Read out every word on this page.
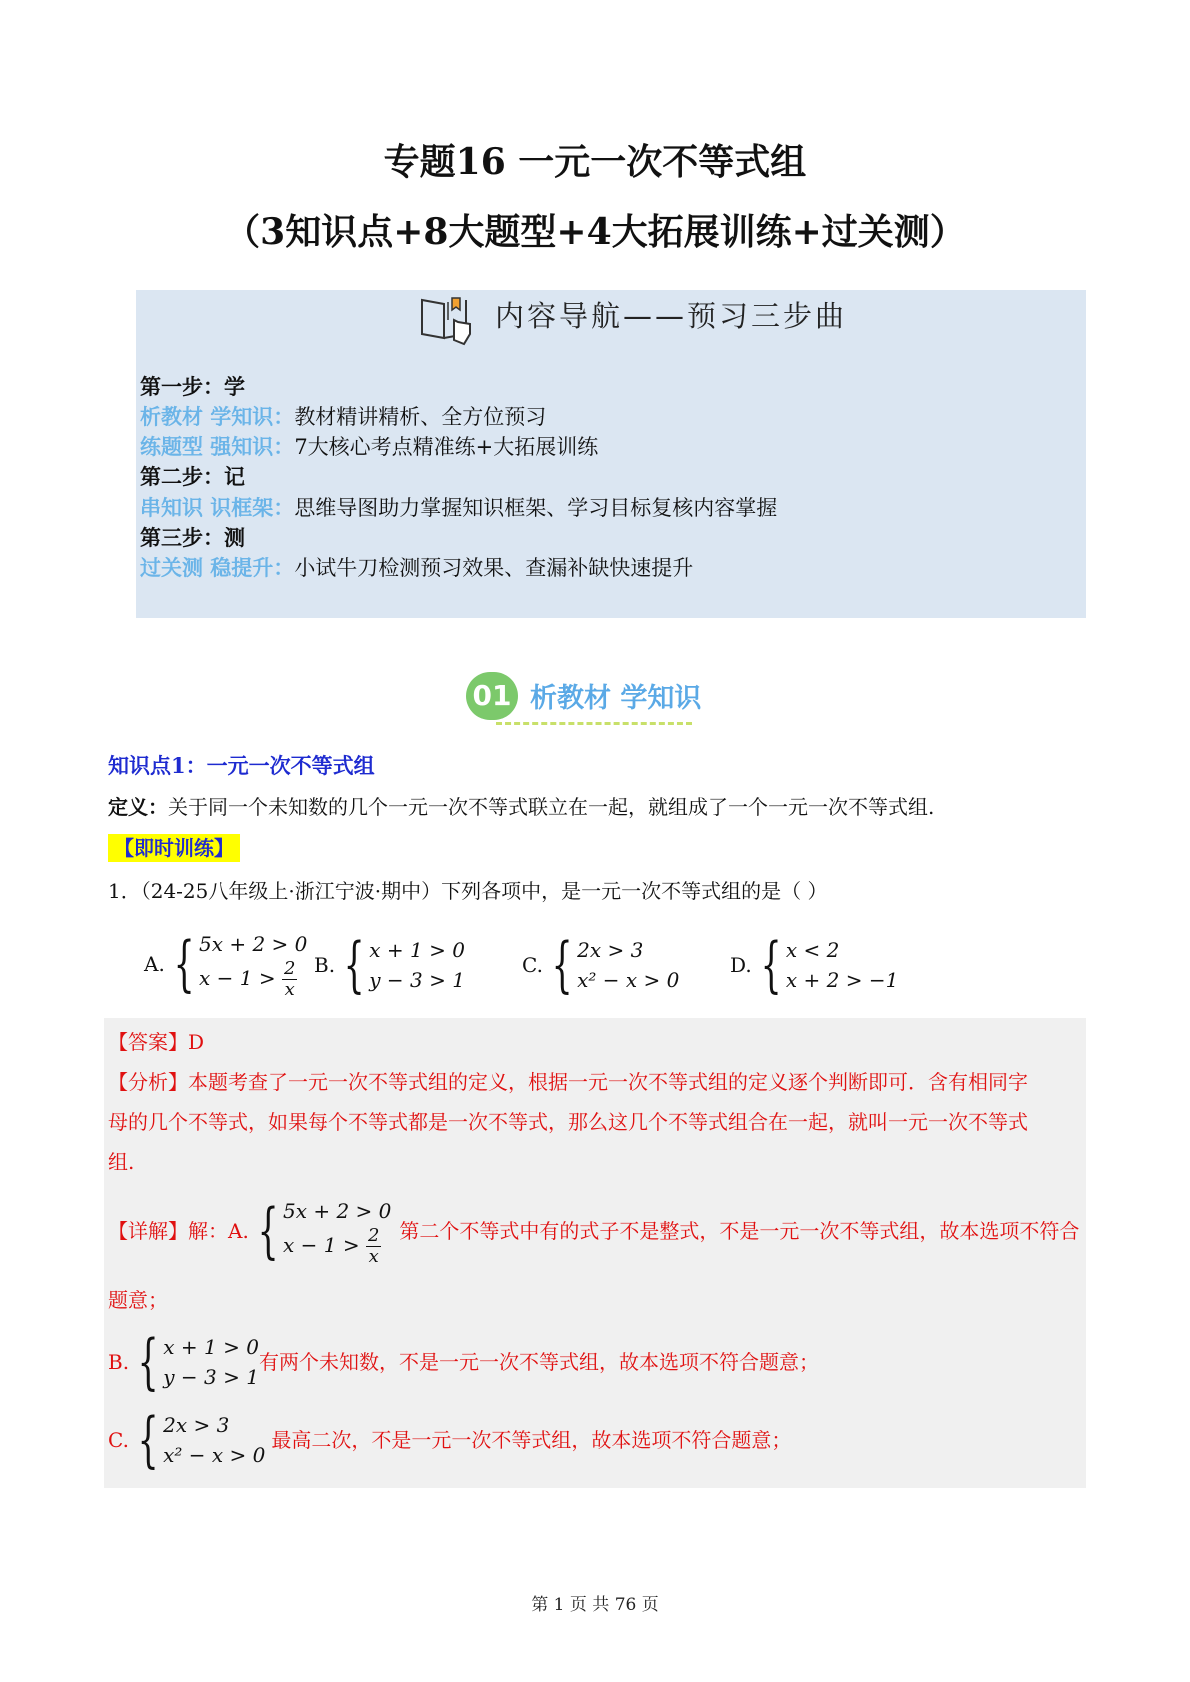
专题16 一元一次不等式组
（3知识点+8大题型+4大拓展训练+过关测）
内容导航——预习三步曲
第一步：学
析教材 学知识：教材精讲精析、全方位预习
练题型 强知识：7大核心考点精准练+大拓展训练
第二步：记
串知识 识框架：思维导图助力掌握知识框架、学习目标复核内容掌握
第三步：测
过关测 稳提升：小试牛刀检测预习效果、查漏补缺快速提升
01 析教材 学知识
知识点1：一元一次不等式组
定义：关于同一个未知数的几个一元一次不等式联立在一起，就组成了一个一元一次不等式组.
【即时训练】
1．（24-25八年级上·浙江宁波·期中）下列各项中，是一元一次不等式组的是（ ）
A. { 5x + 2 > 0
$x - 1 > \frac{2}{x} B$. { x + 1 > 0
y − 3 > 1
C. { 2x > 3
x² − x > 0
D. { x < 2
x + 2 > −1
【答案】D
【分析】本题考查了一元一次不等式组的定义，根据一元一次不等式组的定义逐个判断即可．含有相同字
母的几个不等式，如果每个不等式都是一次不等式，那么这几个不等式组合在一起，就叫一元一次不等式
组.
【详解】解：A. { 5x + 2 > 0
$x - 1 > \frac{2}{x}$ 第二个不等式中有的式子不是整式，不是一元一次不等式组，故本选项不符合
题意；
B. { x + 1 > 0
y − 3 > 1
有两个未知数，不是一元一次不等式组，故本选项不符合题意；
C. { 2x > 3
x² − x > 0
最高二次，不是一元一次不等式组，故本选项不符合题意；
第 1 页 共 76 页
